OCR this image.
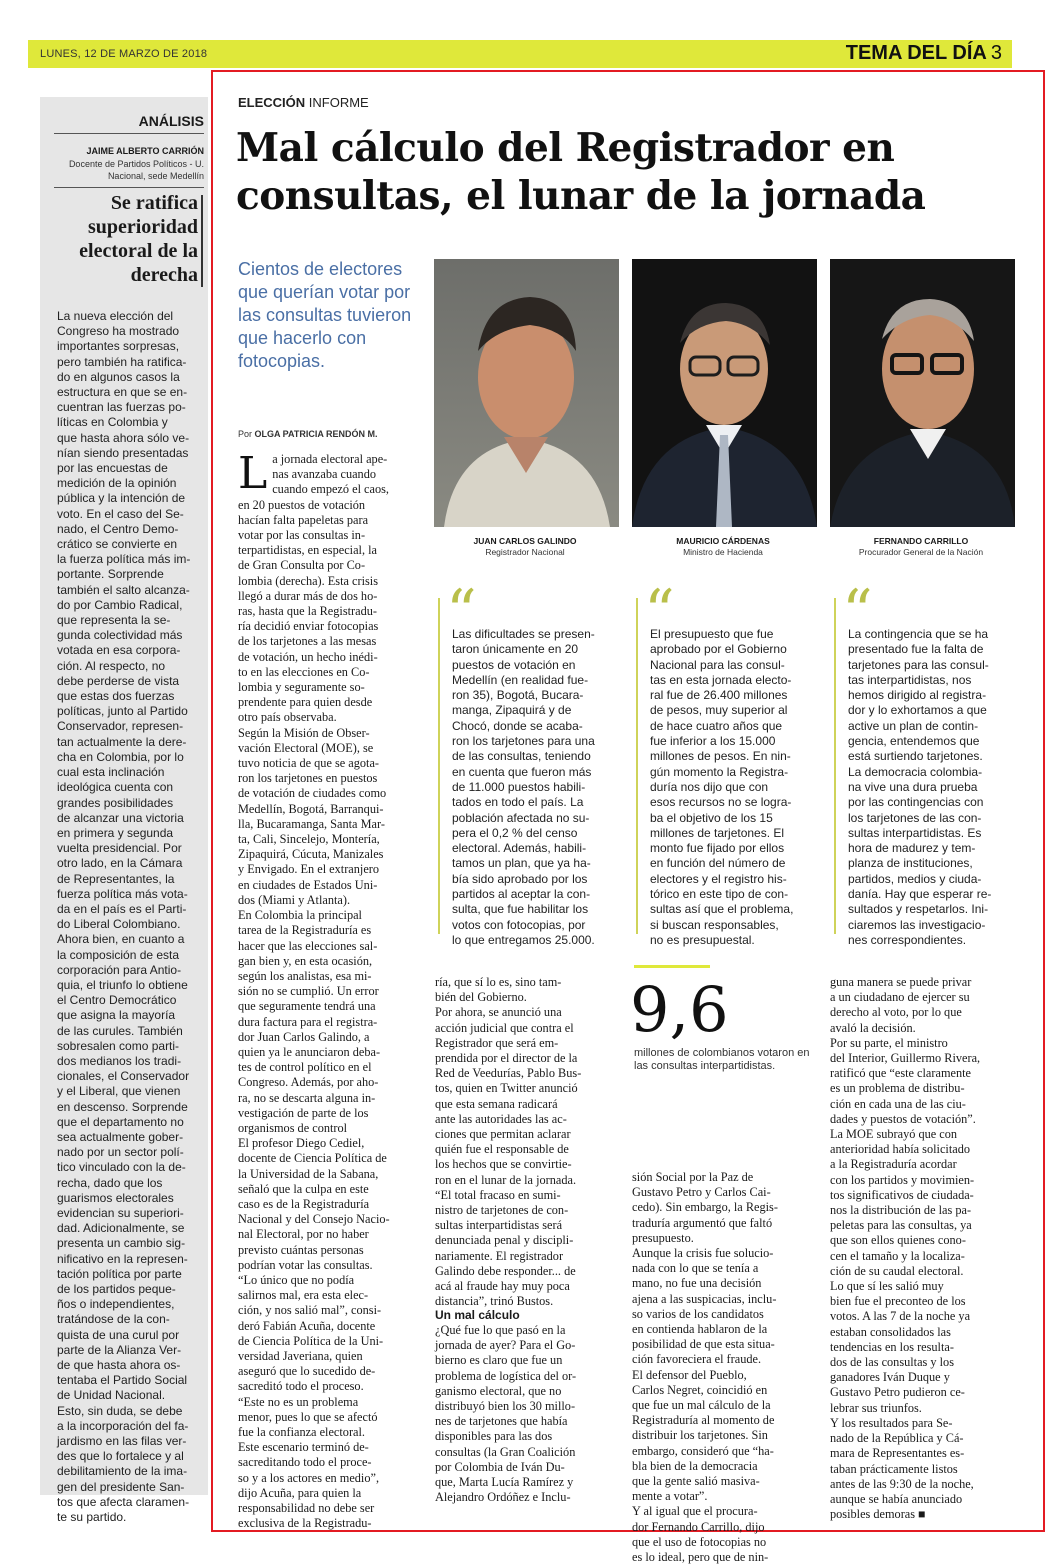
LUNES, 12 DE MARZO DE 2018	TEMA DEL DÍA 3
ANÁLISIS
JAIME ALBERTO CARRIÓN
Docente de Partidos Políticos - U. Nacional, sede Medellín
Se ratifica superioridad electoral de la derecha
La nueva elección del
Congreso ha mostrado
importantes sorpresas,
pero también ha ratifica-
do en algunos casos la
estructura en que se en-
cuentran las fuerzas po-
líticas en Colombia y
que hasta ahora sólo ve-
nían siendo presentadas
por las encuestas de
medición de la opinión
pública y la intención de
voto. En el caso del Se-
nado, el Centro Demo-
crático se convierte en
la fuerza política más im-
portante. Sorprende
también el salto alcanza-
do por Cambio Radical,
que representa la se-
gunda colectividad más
votada en esa corpora-
ción. Al respecto, no
debe perderse de vista
que estas dos fuerzas
políticas, junto al Partido
Conservador, represen-
tan actualmente la dere-
cha en Colombia, por lo
cual esta inclinación
ideológica cuenta con
grandes posibilidades
de alcanzar una victoria
en primera y segunda
vuelta presidencial. Por
otro lado, en la Cámara
de Representantes, la
fuerza política más vota-
da en el país es el Parti-
do Liberal Colombiano.
Ahora bien, en cuanto a
la composición de esta
corporación para Antio-
quia, el triunfo lo obtiene
el Centro Democrático
que asigna la mayoría
de las curules. También
sobresalen como parti-
dos medianos los tradi-
cionales, el Conservador
y el Liberal, que vienen
en descenso. Sorprende
que el departamento no
sea actualmente gober-
nado por un sector polí-
tico vinculado con la de-
recha, dado que los
guarismos electorales
evidencian su superiori-
dad. Adicionalmente, se
presenta un cambio sig-
nificativo en la represen-
tación política por parte
de los partidos peque-
ños o independientes,
tratándose de la con-
quista de una curul por
parte de la Alianza Ver-
de que hasta ahora os-
tentaba el Partido Social
de Unidad Nacional.
Esto, sin duda, se debe
a la incorporación del fa-
jardismo en las filas ver-
des que lo fortalece y al
debilitamiento de la ima-
gen del presidente San-
tos que afecta claramen-
te su partido.
ELECCIÓN INFORME
Mal cálculo del Registrador en consultas, el lunar de la jornada
Cientos de electores que querían votar por las consultas tuvieron que hacerlo con fotocopias.
Por OLGA PATRICIA RENDÓN M.
JUAN CARLOS GALINDO
Registrador Nacional
MAURICIO CÁRDENAS
Ministro de Hacienda
FERNANDO CARRILLO
Procurador General de la Nación
“
Las dificultades se presen-
taron únicamente en 20
puestos de votación en
Medellín (en realidad fue-
ron 35), Bogotá, Bucara-
manga, Zipaquirá y de
Chocó, donde se acaba-
ron los tarjetones para una
de las consultas, teniendo
en cuenta que fueron más
de 11.000 puestos habili-
tados en todo el país. La
población afectada no su-
pera el 0,2 % del censo
electoral. Además, habili-
tamos un plan, que ya ha-
bía sido aprobado por los
partidos al aceptar la con-
sulta, que fue habilitar los
votos con fotocopias, por
lo que entregamos 25.000.
“
El presupuesto que fue
aprobado por el Gobierno
Nacional para las consul-
tas en esta jornada electo-
ral fue de 26.400 millones
de pesos, muy superior al
de hace cuatro años que
fue inferior a los 15.000
millones de pesos. En nin-
gún momento la Registra-
duría nos dijo que con
esos recursos no se logra-
ba el objetivo de los 15
millones de tarjetones. El
monto fue fijado por ellos
en función del número de
electores y el registro his-
tórico en este tipo de con-
sultas así que el problema,
si buscan responsables,
no es presupuestal.
“
La contingencia que se ha
presentado fue la falta de
tarjetones para las consul-
tas interpartidistas, nos
hemos dirigido al registra-
dor y lo exhortamos a que
active un plan de contin-
gencia, entendemos que
está surtiendo tarjetones.
La democracia colombia-
na vive una dura prueba
por las contingencias con
los tarjetones de las con-
sultas interpartidistas. Es
hora de madurez y tem-
planza de instituciones,
partidos, medios y ciuda-
danía. Hay que esperar re-
sultados y respetarlos. Ini-
ciaremos las investigacio-
nes correspondientes.
La jornada electoral ape-
nas avanzaba cuando
cuando empezó el caos,
en 20 puestos de votación
hacían falta papeletas para
votar por las consultas in-
terpartidistas, en especial, la
de Gran Consulta por Co-
lombia (derecha). Esta crisis
llegó a durar más de dos ho-
ras, hasta que la Registradu-
ría decidió enviar fotocopias
de los tarjetones a las mesas
de votación, un hecho inédi-
to en las elecciones en Co-
lombia y seguramente so-
prendente para quien desde
otro país observaba.
Según la Misión de Obser-
vación Electoral (MOE), se
tuvo noticia de que se agota-
ron los tarjetones en puestos
de votación de ciudades como
Medellín, Bogotá, Barranqui-
lla, Bucaramanga, Santa Mar-
ta, Cali, Sincelejo, Montería,
Zipaquirá, Cúcuta, Manizales
y Envigado. En el extranjero
en ciudades de Estados Uni-
dos (Miami y Atlanta).
En Colombia la principal
tarea de la Registraduría es
hacer que las elecciones sal-
gan bien y, en esta ocasión,
según los analistas, esa mi-
sión no se cumplió. Un error
que seguramente tendrá una
dura factura para el registra-
dor Juan Carlos Galindo, a
quien ya le anunciaron deba-
tes de control político en el
Congreso. Además, por aho-
ra, no se descarta alguna in-
vestigación de parte de los
organismos de control
El profesor Diego Cediel,
docente de Ciencia Política de
la Universidad de la Sabana,
señaló que la culpa en este
caso es de la Registraduría
Nacional y del Consejo Nacio-
nal Electoral, por no haber
previsto cuántas personas
podrían votar las consultas.
“Lo único que no podía
salirnos mal, era esta elec-
ción, y nos salió mal”, consi-
deró Fabián Acuña, docente
de Ciencia Política de la Uni-
versidad Javeriana, quien
aseguró que lo sucedido de-
sacreditó todo el proceso.
“Este no es un problema
menor, pues lo que se afectó
fue la confianza electoral.
Este escenario terminó de-
sacreditando todo el proce-
so y a los actores en medio”,
dijo Acuña, para quien la
responsabilidad no debe ser
exclusiva de la Registradu-
ría, que sí lo es, sino tam-
bién del Gobierno.
Por ahora, se anunció una
acción judicial que contra el
Registrador que será em-
prendida por el director de la
Red de Veedurías, Pablo Bus-
tos, quien en Twitter anunció
que esta semana radicará
ante las autoridades las ac-
ciones que permitan aclarar
quién fue el responsable de
los hechos que se convirtie-
ron en el lunar de la jornada.
“El total fracaso en sumi-
nistro de tarjetones de con-
sultas interpartidistas será
denunciada penal y discipli-
nariamente. El registrador
Galindo debe responder... de
acá al fraude hay muy poca
distancia”, trinó Bustos.
Un mal cálculo
¿Qué fue lo que pasó en la
jornada de ayer? Para el Go-
bierno es claro que fue un
problema de logística del or-
ganismo electoral, que no
distribuyó bien los 30 millo-
nes de tarjetones que había
disponibles para las dos
consultas (la Gran Coalición
por Colombia de Iván Du-
que, Marta Lucía Ramírez y
Alejandro Ordóñez e Inclu-
9,6
millones de colombianos votaron en las consultas interpartidistas.
sión Social por la Paz de
Gustavo Petro y Carlos Cai-
cedo). Sin embargo, la Regis-
traduría argumentó que faltó
presupuesto.
Aunque la crisis fue solucio-
nada con lo que se tenía a
mano, no fue una decisión
ajena a las suspicacias, inclu-
so varios de los candidatos
en contienda hablaron de la
posibilidad de que esta situa-
ción favoreciera el fraude.
El defensor del Pueblo,
Carlos Negret, coincidió en
que fue un mal cálculo de la
Registraduría al momento de
distribuir los tarjetones. Sin
embargo, consideró que “ha-
bla bien de la democracia
que la gente salió masiva-
mente a votar”.
Y al igual que el procura-
dor Fernando Carrillo, dijo
que el uso de fotocopias no
es lo ideal, pero que de nin-
guna manera se puede privar
a un ciudadano de ejercer su
derecho al voto, por lo que
avaló la decisión.
Por su parte, el ministro
del Interior, Guillermo Rivera,
ratificó que “este claramente
es un problema de distribu-
ción en cada una de las ciu-
dades y puestos de votación”.
La MOE subrayó que con
anterioridad había solicitado
a la Registraduría acordar
con los partidos y movimien-
tos significativos de ciudada-
nos la distribución de las pa-
peletas para las consultas, ya
que son ellos quienes cono-
cen el tamaño y la localiza-
ción de su caudal electoral.
Lo que sí les salió muy
bien fue el preconteo de los
votos. A las 7 de la noche ya
estaban consolidados las
tendencias en los resulta-
dos de las consultas y los
ganadores Iván Duque y
Gustavo Petro pudieron ce-
lebrar sus triunfos.
Y los resultados para Se-
nado de la República y Cá-
mara de Representantes es-
taban prácticamente listos
antes de las 9:30 de la noche,
aunque se había anunciado
posibles demoras ■
